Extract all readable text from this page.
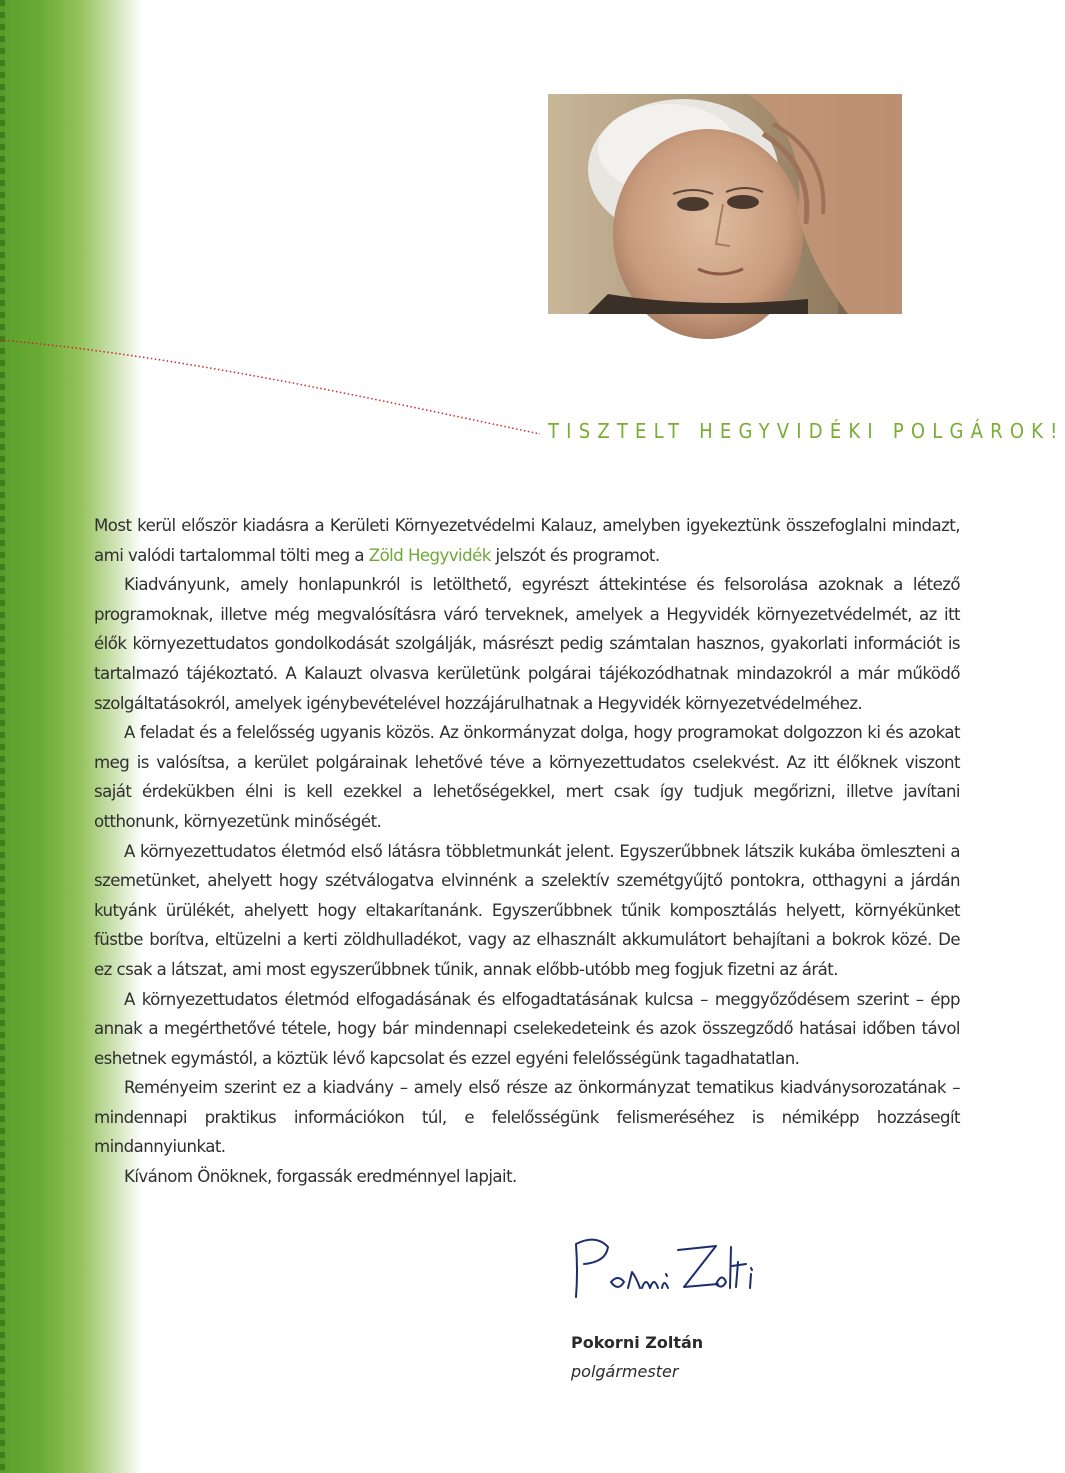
TISZTELT HEGYVIDÉKI POLGÁROK!

Most kerül először kiadásra a Kerületi Környezetvédelmi Kalauz, amelyben igyekeztünk összefoglalni mindazt, ami valódi tartalommal tölti meg a Zöld Hegyvidék jelszót és programot.

Kiadványunk, amely honlapunkról is letölthető, egyrészt áttekintése és felsorolása azoknak a létező programoknak, illetve még megvalósításra váró terveknek, amelyek a Hegyvidék környezetvédelmét, az itt élők környezettudatos gondolkodását szolgálják, másrészt pedig számtalan hasznos, gyakorlati információt is tartalmazó tájékoztató. A Kalauzt olvasva kerületünk polgárai tájékozódhatnak mindazokról a már működő szolgáltatásokról, amelyek igénybevételével hozzájárulhatnak a Hegyvidék környezetvédelméhez.

A feladat és a felelősség ugyanis közös. Az önkormányzat dolga, hogy programokat dolgozzon ki és azokat meg is valósítsa, a kerület polgárainak lehetővé téve a környezettudatos cselekvést. Az itt élőknek viszont saját érdekükben élni is kell ezekkel a lehetőségekkel, mert csak így tudjuk megőrizni, illetve javítani otthonunk, környezetünk minőségét.

A környezettudatos életmód első látásra többletmunkát jelent. Egyszerűbbnek látszik kukába ömleszteni a szemetünket, ahelyett hogy szétválogatva elvinnénk a szelektív szemétgyűjtő pontokra, otthagyni a járdán kutyánk ürülékét, ahelyett hogy eltakarítanánk. Egyszerűbbnek tűnik komposztálás helyett, környékünket füstbe borítva, eltüzelni a kerti zöldhulladékot, vagy az elhasznált akkumulátort behajítani a bokrok közé. De ez csak a látszat, ami most egyszerűbbnek tűnik, annak előbb-utóbb meg fogjuk fizetni az árát.

A környezettudatos életmód elfogadásának és elfogadtatásának kulcsa – meggyőződésem szerint – épp annak a megérthetővé tétele, hogy bár mindennapi cselekedeteink és azok összegződő hatásai időben távol eshetnek egymástól, a köztük lévő kapcsolat és ezzel egyéni felelősségünk tagadhatatlan.

Reményeim szerint ez a kiadvány – amely első része az önkormányzat tematikus kiadványsorozatának – mindennapi praktikus információkon túl, e felelősségünk felismeréséhez is némiképp hozzásegít mindannyiunkat.

Kívánom Önöknek, forgassák eredménnyel lapjait.

Pokorni Zoltán
polgármester
